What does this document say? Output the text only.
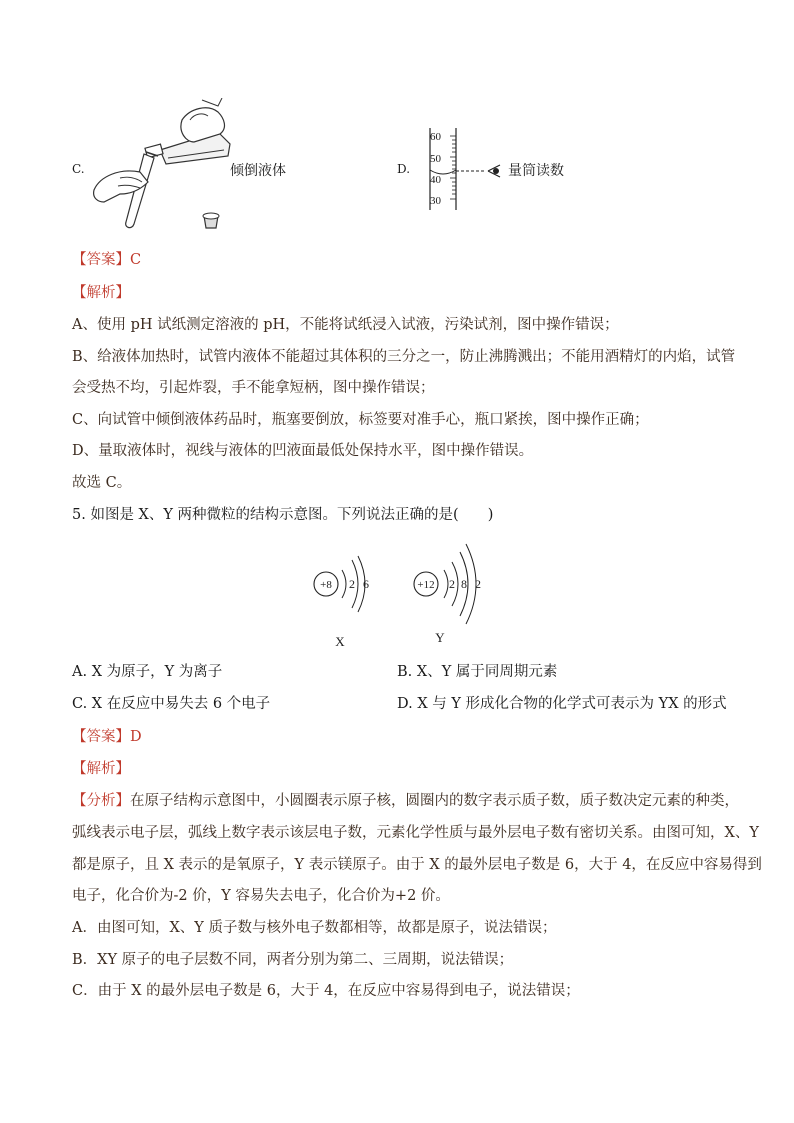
C.	倾倒液体	D.
60
50
40
30
量筒读数
【答案】C
【解析】
A、使用 pH 试纸测定溶液的 pH，不能将试纸浸入试液，污染试剂，图中操作错误；
B、给液体加热时，试管内液体不能超过其体积的三分之一，防止沸腾溅出；不能用酒精灯的内焰，试管
会受热不均，引起炸裂，手不能拿短柄，图中操作错误；
C、向试管中倾倒液体药品时，瓶塞要倒放，标签要对准手心，瓶口紧挨，图中操作正确；
D、量取液体时，视线与液体的凹液面最低处保持水平，图中操作错误。
故选 C。
5. 如图是 X、Y 两种微粒的结构示意图。下列说法正确的是(　　)
+8 2 6
X
+12 2 8 2
Y
A. X 为原子，Y 为离子	B. X、Y 属于同周期元素
C. X 在反应中易失去 6 个电子	D. X 与 Y 形成化合物的化学式可表示为 YX 的形式
【答案】D
【解析】
【分析】在原子结构示意图中，小圆圈表示原子核，圆圈内的数字表示质子数，质子数决定元素的种类，
弧线表示电子层，弧线上数字表示该层电子数，元素化学性质与最外层电子数有密切关系。由图可知，X、Y
都是原子，且 X 表示的是氧原子，Y 表示镁原子。由于 X 的最外层电子数是 6，大于 4，在反应中容易得到
电子，化合价为-2 价，Y 容易失去电子，化合价为+2 价。
A．由图可知，X、Y 质子数与核外电子数都相等，故都是原子，说法错误；
B．XY 原子的电子层数不同，两者分别为第二、三周期，说法错误；
C．由于 X 的最外层电子数是 6，大于 4，在反应中容易得到电子，说法错误；
